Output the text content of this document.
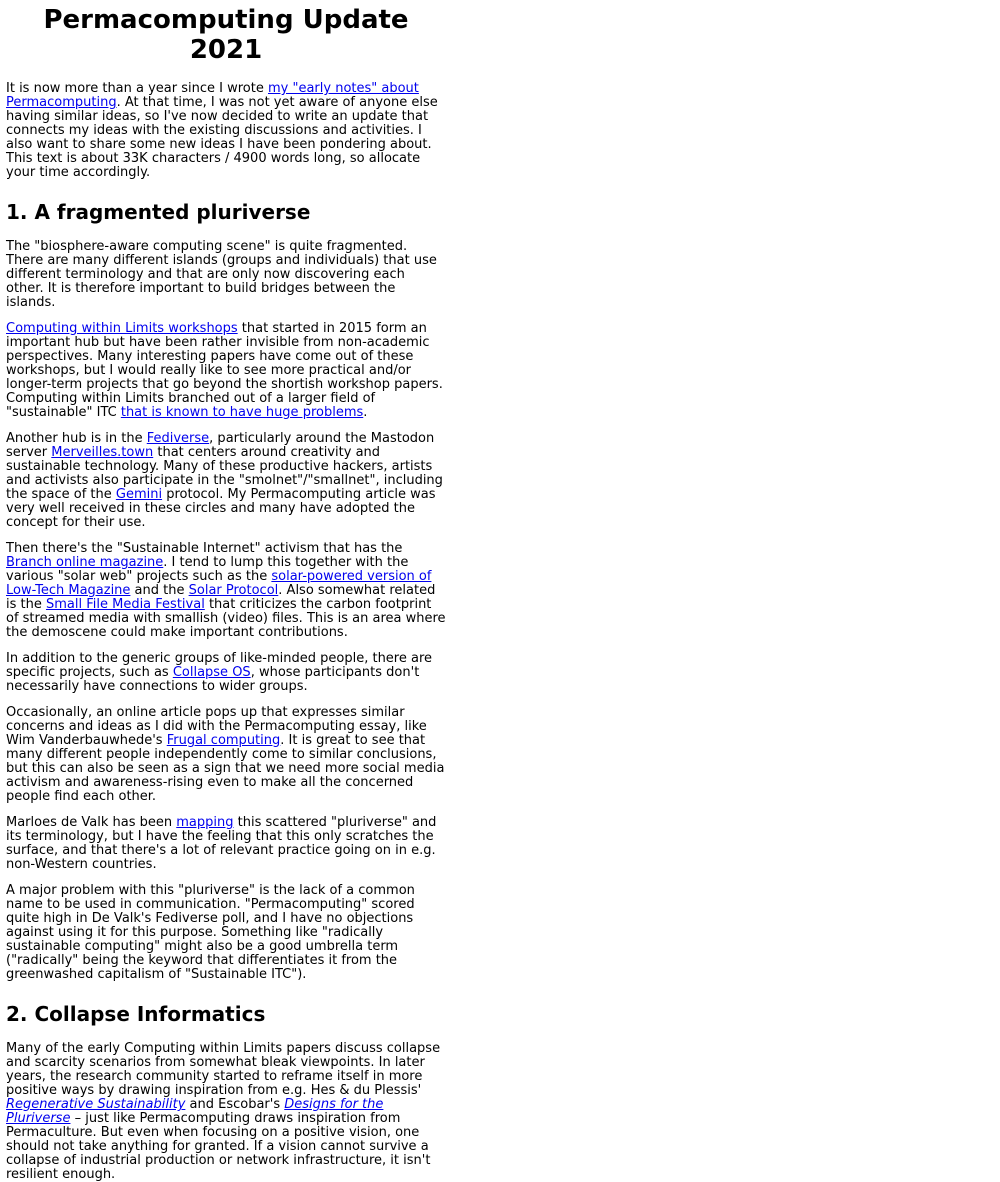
Permacomputing Update 2021

It is now more than a year since I wrote my "early notes" about Permacomputing. At that time, I was not yet aware of anyone else having similar ideas, so I've now decided to write an update that connects my ideas with the existing discussions and activities. I also want to share some new ideas I have been pondering about. This text is about 33K characters / 4900 words long, so allocate your time accordingly.

1. A fragmented pluriverse

The "biosphere-aware computing scene" is quite fragmented. There are many different islands (groups and individuals) that use different terminology and that are only now discovering each other. It is therefore important to build bridges between the islands.

Computing within Limits workshops that started in 2015 form an important hub but have been rather invisible from non-academic perspectives. Many interesting papers have come out of these workshops, but I would really like to see more practical and/or longer-term projects that go beyond the shortish workshop papers. Computing within Limits branched out of a larger field of "sustainable" ITC that is known to have huge problems.

Another hub is in the Fediverse, particularly around the Mastodon server Merveilles.town that centers around creativity and sustainable technology. Many of these productive hackers, artists and activists also participate in the "smolnet"/"smallnet", including the space of the Gemini protocol. My Permacomputing article was very well received in these circles and many have adopted the concept for their use.

Then there's the "Sustainable Internet" activism that has the Branch online magazine. I tend to lump this together with the various "solar web" projects such as the solar-powered version of Low-Tech Magazine and the Solar Protocol. Also somewhat related is the Small File Media Festival that criticizes the carbon footprint of streamed media with smallish (video) files. This is an area where the demoscene could make important contributions.

In addition to the generic groups of like-minded people, there are specific projects, such as Collapse OS, whose participants don't necessarily have connections to wider groups.

Occasionally, an online article pops up that expresses similar concerns and ideas as I did with the Permacomputing essay, like Wim Vanderbauwhede's Frugal computing. It is great to see that many different people independently come to similar conclusions, but this can also be seen as a sign that we need more social media activism and awareness-rising even to make all the concerned people find each other.

Marloes de Valk has been mapping this scattered "pluriverse" and its terminology, but I have the feeling that this only scratches the surface, and that there's a lot of relevant practice going on in e.g. non-Western countries.

A major problem with this "pluriverse" is the lack of a common name to be used in communication. "Permacomputing" scored quite high in De Valk's Fediverse poll, and I have no objections against using it for this purpose. Something like "radically sustainable computing" might also be a good umbrella term ("radically" being the keyword that differentiates it from the greenwashed capitalism of "Sustainable ITC").

2. Collapse Informatics

Many of the early Computing within Limits papers discuss collapse and scarcity scenarios from somewhat bleak viewpoints. In later years, the research community started to reframe itself in more positive ways by drawing inspiration from e.g. Hes & du Plessis' Regenerative Sustainability and Escobar's Designs for the Pluriverse – just like Permacomputing draws inspiration from Permaculture. But even when focusing on a positive vision, one should not take anything for granted. If a vision cannot survive a collapse of industrial production or network infrastructure, it isn't resilient enough.
